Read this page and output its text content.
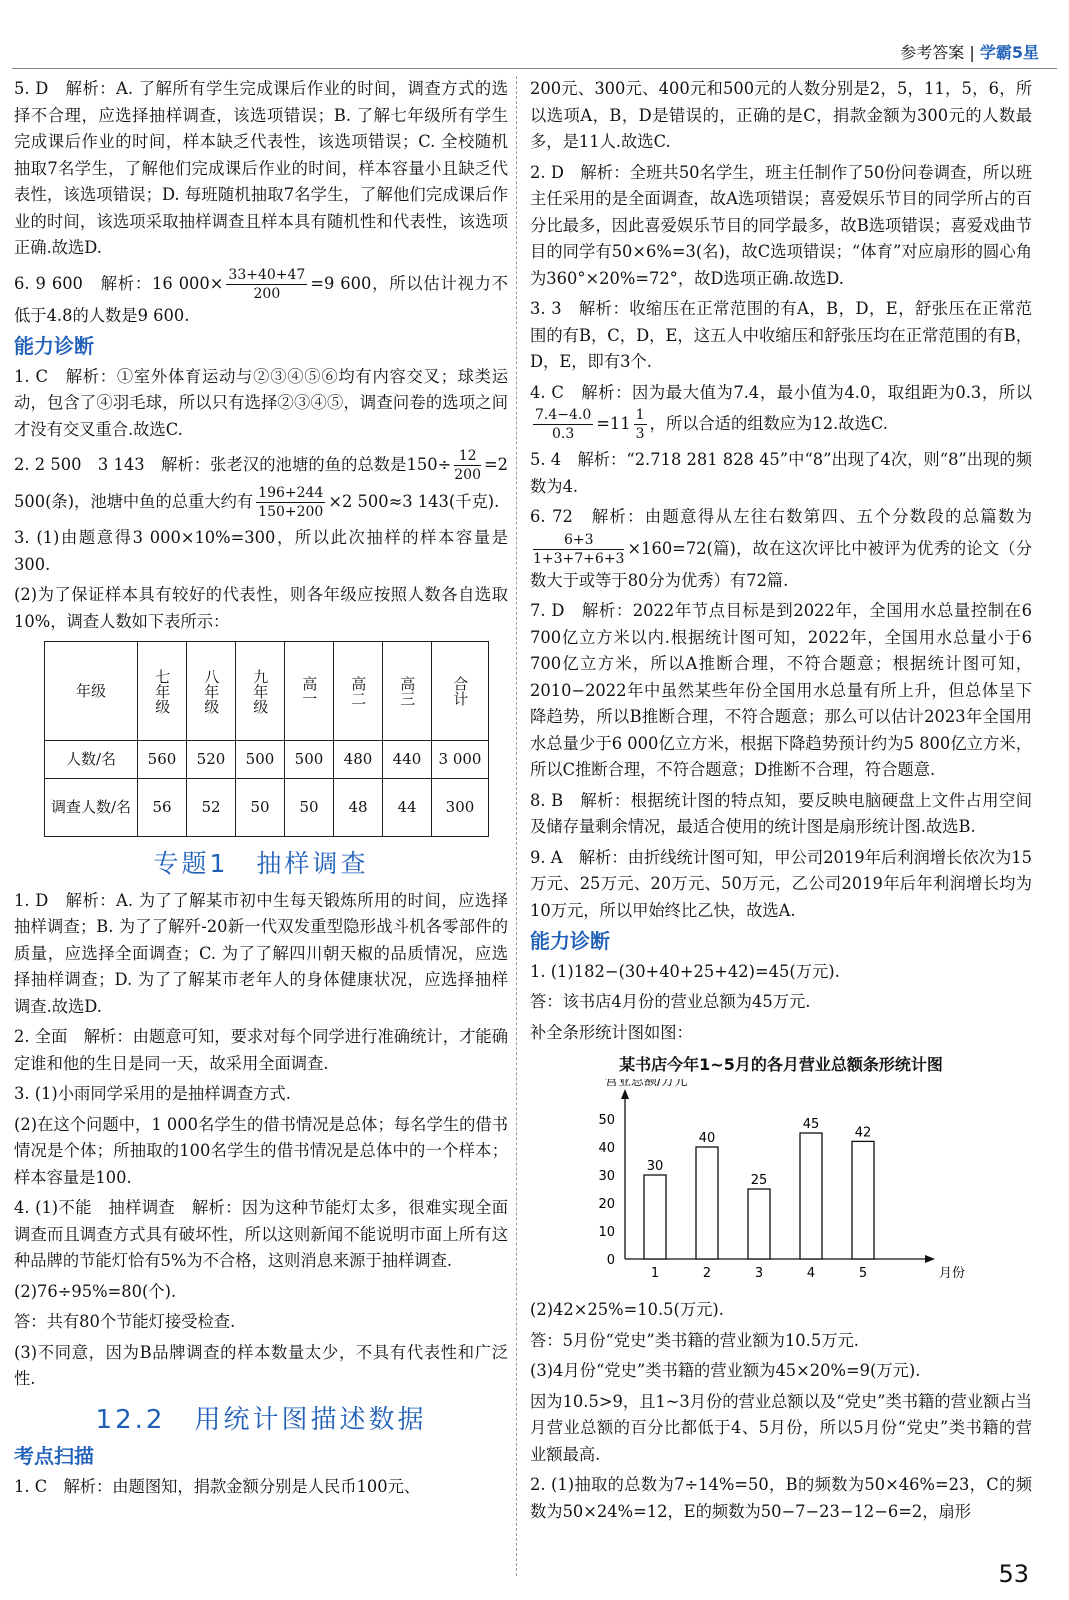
参考答案 | 学霸5星

5. D　解析：A. 了解所有学生完成课后作业的时间，调查方式的选择不合理，应选择抽样调查，该选项错误；B. 了解七年级所有学生完成课后作业的时间，样本缺乏代表性，该选项错误；C. 全校随机抽取7名学生，了解他们完成课后作业的时间，样本容量小且缺乏代表性，该选项错误；D. 每班随机抽取7名学生，了解他们完成课后作业的时间，该选项采取抽样调查且样本具有随机性和代表性，该选项正确.故选D.

6. 9 600　解析：16 $000\times \frac{33+40+47}{200} =9$ 600，所以估计视力不低于4.8的人数是9 600.

能力诊断

1. C　解析：①室外体育运动与②③④⑤⑥均有内容交叉；球类运动，包含了④羽毛球，所以只有选择②③④⑤，调查问卷的选项之间才没有交叉重合.故选C.

2. 2 500　3 143　解析：张老汉的池塘的鱼的总数是$150\div \frac{12}{200} =2$ 500(条)，池塘中鱼的总重大约有 $\frac{196+244}{150+200} \times 2$ 500≈3 143(千克).

3. (1)由题意得3 000×10%=300，所以此次抽样的样本容量是300.

(2)为了保证样本具有较好的代表性，则各年级应按照人数各自选取10%，调查人数如下表所示：

年级	七年级	八年级	九年级	高一	高二	高三	合计
人数/名	560	520	500	500	480	440	3 000
调查人数/名	56	52	50	50	48	44	300
专题1　抽样调查

1. D　解析：A. 为了了解某市初中生每天锻炼所用的时间，应选择抽样调查；B. 为了了解歼-20新一代双发重型隐形战斗机各零部件的质量，应选择全面调查；C. 为了了解四川朝天椒的品质情况，应选择抽样调查；D. 为了了解某市老年人的身体健康状况，应选择抽样调查.故选D.

2. 全面　解析：由题意可知，要求对每个同学进行准确统计，才能确定谁和他的生日是同一天，故采用全面调查.

3. (1)小雨同学采用的是抽样调查方式.

(2)在这个问题中，1 000名学生的借书情况是总体；每名学生的借书情况是个体；所抽取的100名学生的借书情况是总体中的一个样本；样本容量是100.

4. (1)不能　抽样调查　解析：因为这种节能灯太多，很难实现全面调查而且调查方式具有破坏性，所以这则新闻不能说明市面上所有这种品牌的节能灯恰有5%为不合格，这则消息来源于抽样调查.

(2)76÷95%=80(个).

答：共有80个节能灯接受检查.

(3)不同意，因为B品牌调查的样本数量太少，不具有代表性和广泛性.

12.2　用统计图描述数据
考点扫描

1. C　解析：由题图知，捐款金额分别是人民币100元、

200元、300元、400元和500元的人数分别是2，5，11，5，6，所以选项A，B，D是错误的，正确的是C，捐款金额为300元的人数最多，是11人.故选C.

2. D　解析：全班共50名学生，班主任制作了50份问卷调查，所以班主任采用的是全面调查，故A选项错误；喜爱娱乐节目的同学所占的百分比最多，因此喜爱娱乐节目的同学最多，故B选项错误；喜爱戏曲节目的同学有50×6%=3(名)，故C选项错误；“体育”对应扇形的圆心角为360°×20%=72°，故D选项正确.故选D.

3. 3　解析：收缩压在正常范围的有A，B，D，E，舒张压在正常范围的有B，C，D，E，这五人中收缩压和舒张压均在正常范围的有B，D，E，即有3个.

4. C　解析：因为最大值为7.4，最小值为4.0，取组距为0.3，所以
$\frac{7.4-4.0}{0.3} =11 \frac{1}{3}$ ，所以合适的组数应为12.故选C.

5. 4　解析：“2.718 281 828 45”中“8”出现了4次，则“8”出现的频数为4.

6. 72　解析：由题意得从左往右数第四、五个分数段的总篇数为
$\frac{6+3}{1+3+7+6+3} \times 160=72$(篇)，故在这次评比中被评为优秀的论文（分数大于或等于80分为优秀）有72篇.

7. D　解析：2022年节点目标是到2022年，全国用水总量控制在6 700亿立方米以内.根据统计图可知，2022年，全国用水总量小于6 700亿立方米，所以A推断合理，不符合题意；根据统计图可知，2010−2022年中虽然某些年份全国用水总量有所上升，但总体呈下降趋势，所以B推断合理，不符合题意；那么可以估计2023年全国用水总量少于6 000亿立方米，根据下降趋势预计约为5 800亿立方米，所以C推断合理，不符合题意；D推断不合理，符合题意.

8. B　解析：根据统计图的特点知，要反映电脑硬盘上文件占用空间及储存量剩余情况，最适合使用的统计图是扇形统计图.故选B.

9. A　解析：由折线统计图可知，甲公司2019年后利润增长依次为15万元、25万元、20万元、50万元，乙公司2019年后年利润增长均为10万元，所以甲始终比乙快，故选A.

能力诊断

1. (1)182−(30+40+25+42)=45(万元).

答：该书店4月份的营业总额为45万元.

补全条形统计图如图：

某书店今年1~5月的各月营业总额条形统计图
营业总额/万元
月份
0
10
20
30
40
50
30
1
40
2
25
3
45
4
42
5

(2)42×25%=10.5(万元).

答：5月份“党史”类书籍的营业额为10.5万元.

(3)4月份“党史”类书籍的营业额为45×20%=9(万元).

因为10.5>9，且1~3月份的营业总额以及“党史”类书籍的营业额占当月营业总额的百分比都低于4、5月份，所以5月份“党史”类书籍的营业额最高.

2. (1)抽取的总数为7÷14%=50，B的频数为50×46%=23，C的频数为50×24%=12，E的频数为50−7−23−12−6=2，扇形

53
